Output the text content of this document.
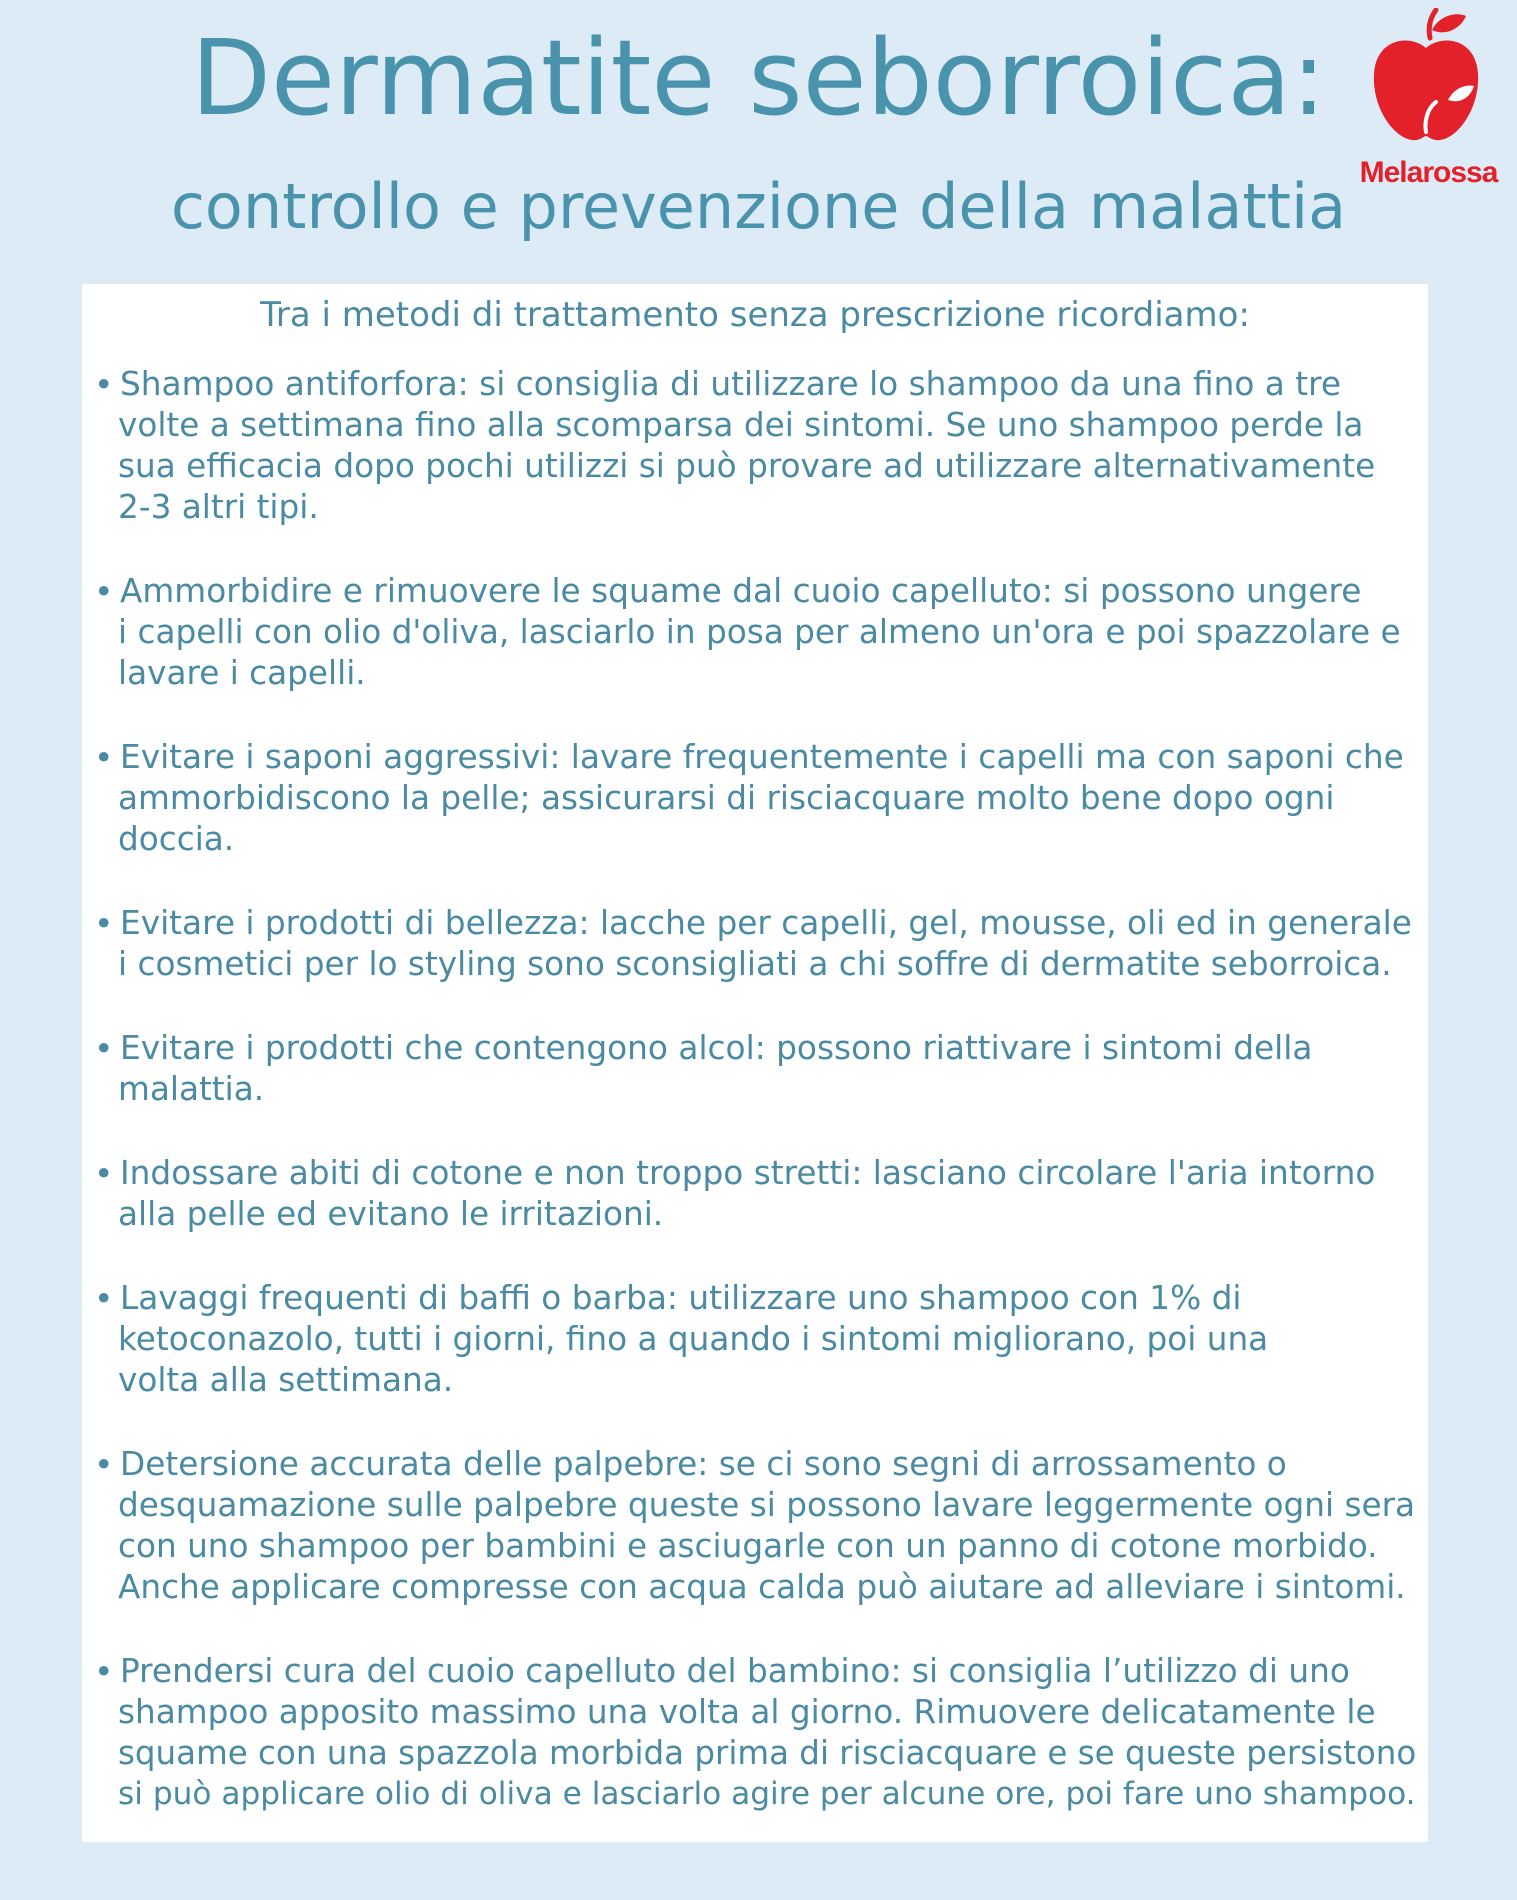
Dermatite seborroica:
controllo e prevenzione della malattia Melarossa

Tra i metodi di trattamento senza prescrizione ricordiamo:

• Shampoo antiforfora: si consiglia di utilizzare lo shampoo da una fino a tre
volte a settimana fino alla scomparsa dei sintomi. Se uno shampoo perde la
sua efficacia dopo pochi utilizzi si può provare ad utilizzare alternativamente
2-3 altri tipi.
• Ammorbidire e rimuovere le squame dal cuoio capelluto: si possono ungere
i capelli con olio d'oliva, lasciarlo in posa per almeno un'ora e poi spazzolare e
lavare i capelli.
• Evitare i saponi aggressivi: lavare frequentemente i capelli ma con saponi che
ammorbidiscono la pelle; assicurarsi di risciacquare molto bene dopo ogni
doccia.
• Evitare i prodotti di bellezza: lacche per capelli, gel, mousse, oli ed in generale
i cosmetici per lo styling sono sconsigliati a chi soffre di dermatite seborroica.
• Evitare i prodotti che contengono alcol: possono riattivare i sintomi della
malattia.
• Indossare abiti di cotone e non troppo stretti: lasciano circolare l'aria intorno
alla pelle ed evitano le irritazioni.
• Lavaggi frequenti di baffi o barba: utilizzare uno shampoo con 1% di
ketoconazolo, tutti i giorni, fino a quando i sintomi migliorano, poi una
volta alla settimana.
• Detersione accurata delle palpebre: se ci sono segni di arrossamento o
desquamazione sulle palpebre queste si possono lavare leggermente ogni sera
con uno shampoo per bambini e asciugarle con un panno di cotone morbido.
Anche applicare compresse con acqua calda può aiutare ad alleviare i sintomi.
• Prendersi cura del cuoio capelluto del bambino: si consiglia l’utilizzo di uno
shampoo apposito massimo una volta al giorno. Rimuovere delicatamente le
squame con una spazzola morbida prima di risciacquare e se queste persistono
si può applicare olio di oliva e lasciarlo agire per alcune ore, poi fare uno shampoo.
